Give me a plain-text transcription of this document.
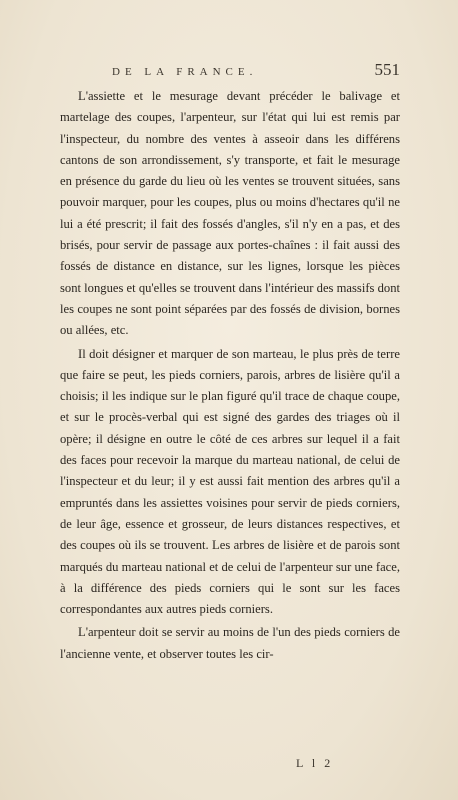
DE LA FRANCE.	551

L'assiette et le mesurage devant précéder le balivage et martelage des coupes, l'arpenteur, sur l'état qui lui est remis par l'inspecteur, du nombre des ventes à asseoir dans les différens cantons de son arrondissement, s'y transporte, et fait le mesurage en présence du garde du lieu où les ventes se trouvent situées, sans pouvoir marquer, pour les coupes, plus ou moins d'hectares qu'il ne lui a été prescrit; il fait des fossés d'angles, s'il n'y en a pas, et des brisés, pour servir de passage aux portes-chaînes : il fait aussi des fossés de distance en distance, sur les lignes, lorsque les pièces sont longues et qu'elles se trouvent dans l'intérieur des massifs dont les coupes ne sont point séparées par des fossés de division, bornes ou allées, etc.

Il doit désigner et marquer de son marteau, le plus près de terre que faire se peut, les pieds corniers, parois, arbres de lisière qu'il a choisis; il les indique sur le plan figuré qu'il trace de chaque coupe, et sur le procès-verbal qui est signé des gardes des triages où il opère; il désigne en outre le côté de ces arbres sur lequel il a fait des faces pour recevoir la marque du marteau national, de celui de l'inspecteur et du leur; il y est aussi fait mention des arbres qu'il a empruntés dans les assiettes voisines pour servir de pieds corniers, de leur âge, essence et grosseur, de leurs distances respectives, et des coupes où ils se trouvent. Les arbres de lisière et de parois sont marqués du marteau national et de celui de l'arpenteur sur une face, à la différence des pieds corniers qui le sont sur les faces correspondantes aux autres pieds corniers.

L'arpenteur doit se servir au moins de l'un des pieds corniers de l'ancienne vente, et observer toutes les cir-

L l 2
